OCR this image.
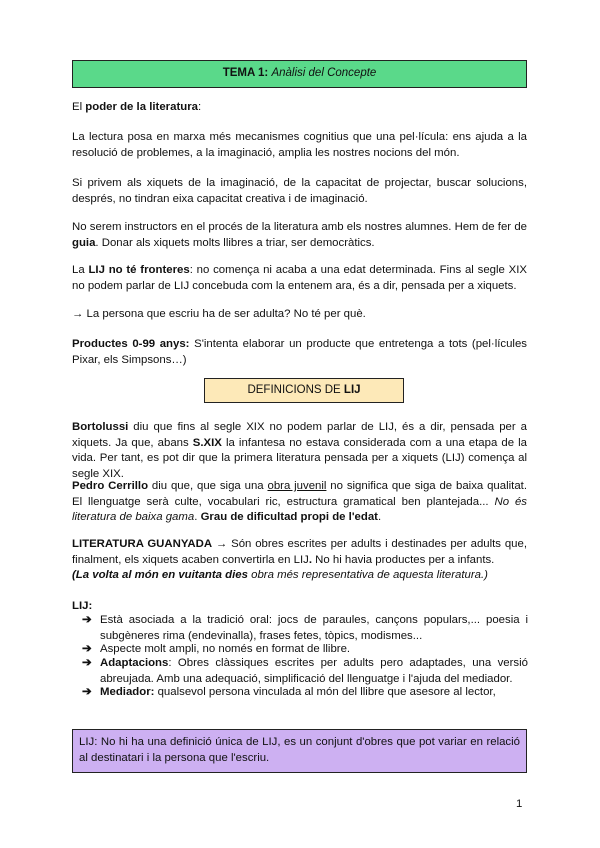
TEMA 1:
Anàlisi del Concepte

El poder de la literatura:

La lectura posa en marxa més mecanismes cognitius que una pel·lícula: ens ajuda a la resolució de problemes, a la imaginació, amplia les nostres nocions del món.

Si privem als xiquets de la imaginació, de la capacitat de projectar, buscar solucions, després, no tindran eixa capacitat creativa i de imaginació.

No serem instructors en el procés de la literatura amb els nostres alumnes. Hem de fer de guia. Donar als xiquets molts llibres a triar, ser democràtics.

La LIJ no té fronteres: no comença ni acaba a una edat determinada. Fins al segle XIX no podem parlar de LIJ concebuda com la entenem ara, és a dir, pensada per a xiquets.

→ La persona que escriu ha de ser adulta? No té per què.

Productes 0-99 anys: S'intenta elaborar un producte que entretenga a tots (pel·lícules Pixar, els Simpsons…)

DEFINICIONS DE LIJ

Bortolussi diu que fins al segle XIX no podem parlar de LIJ, és a dir, pensada per a xiquets. Ja que, abans S.XIX la infantesa no estava considerada com a una etapa de la vida. Per tant, es pot dir que la primera literatura pensada per a xiquets (LIJ) comença al segle XIX.

Pedro Cerrillo diu que, que siga una obra juvenil no significa que siga de baixa qualitat. El llenguatge serà culte, vocabulari ric, estructura gramatical ben plantejada... No és literatura de baixa gama. Grau de dificultad propi de l'edat.

LITERATURA GUANYADA → Són obres escrites per adults i destinades per adults que, finalment, els xiquets acaben convertirla en LIJ. No hi havia productes per a infants.
(La volta al món en vuitanta dies obra més representativa de aquesta literatura.)

LIJ:

➔ Està asociada a la tradició oral: jocs de paraules, cançons populars,... poesia i subgèneres rima (endevinalla), frases fetes, tòpics, modismes...
➔ Aspecte molt ampli, no només en format de llibre.
➔ Adaptacions: Obres clàssiques escrites per adults pero adaptades, una versió abreujada. Amb una adequació, simplificació del llenguatge i l'ajuda del mediador.
➔ Mediador: qualsevol persona vinculada al món del llibre que asesore al lector,
LIJ: No hi ha una definició única de LIJ, es un conjunt d'obres que pot variar en relació al destinatari i la persona que l'escriu.
1
